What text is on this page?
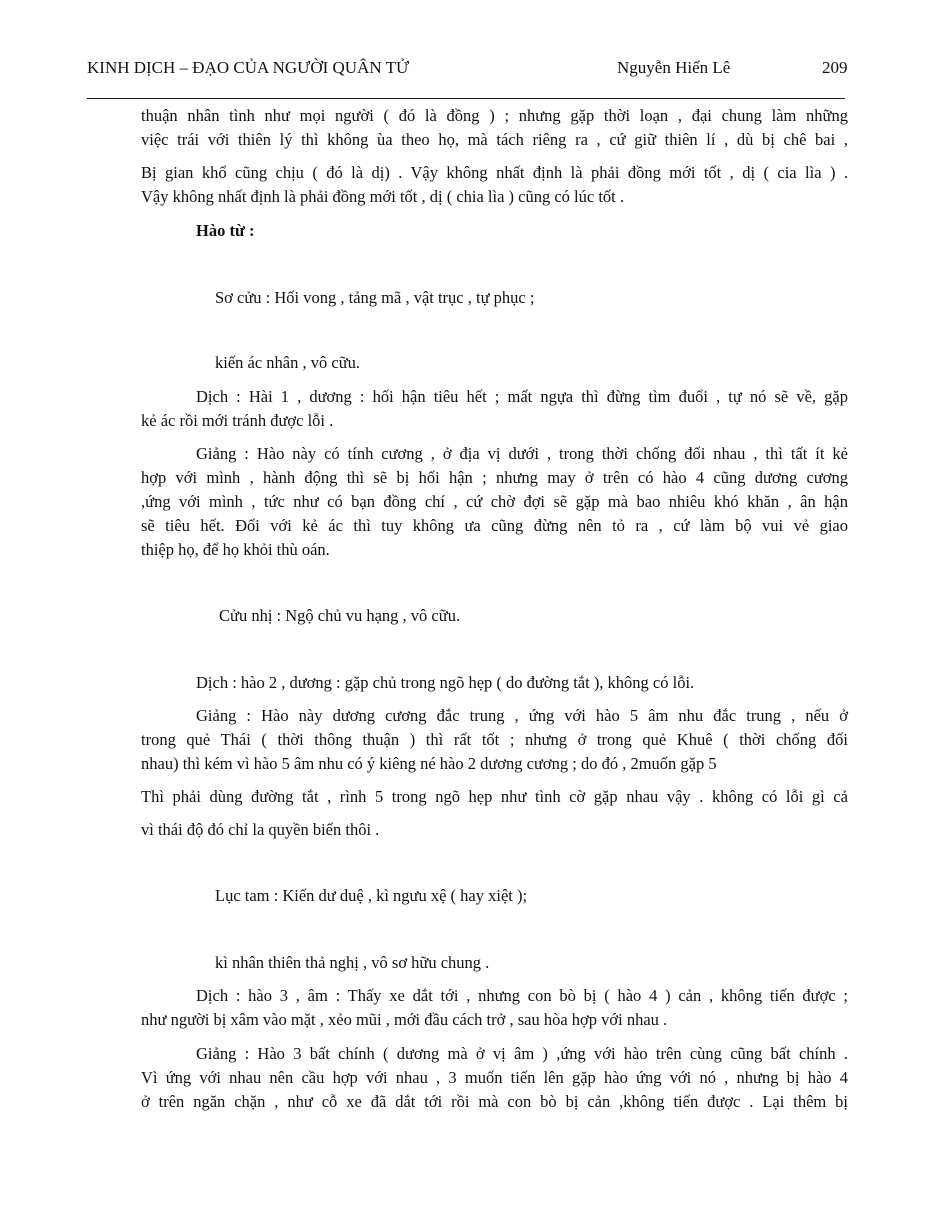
KINH DỊCH – ĐẠO CỦA NGƯỜI QUÂN TỬ	Nguyễn Hiến Lê	209
thuận nhân tình như mọi người ( đó là đồng ) ; nhưng gặp thời loạn , đại chung làm những
việc trái với thiên lý thì không ùa theo họ, mà tách riêng ra , cứ giữ thiên lí , dù bị chê bai ,
Bị gian khổ cũng chịu ( đó là dị) . Vậy không nhất định là phải đồng mới tốt , dị ( cia lìa ) .
Vậy không nhất định là phải đồng mới tốt , dị ( chia lìa ) cũng có lúc tốt .
Hào từ :
Sơ cửu : Hối vong , tảng mã , vật trục , tự phục ;
kiến ác nhân , vô cữu.
Dịch : Hài 1 , dương : hối hận tiêu hết ; mất ngựa thì đừng tìm đuổi , tự nó sẽ về, gặp
kẻ ác rồi mới tránh được lỗi .
Giảng : Hào này có tính cương , ở địa vị dưới , trong thời chống đối nhau , thì tất ít kẻ
hợp với mình , hành động thì sẽ bị hối hận ; nhưng may ở trên có hào 4 cũng dương cương
,ứng với mình , tức như có bạn đồng chí , cứ chờ đợi sẽ gặp mà bao nhiêu khó khăn , ân hận
sẽ tiêu hết. Đối với kẻ ác thì tuy không ưa cũng đừng nên tỏ ra , cứ làm bộ vui vẻ giao
thiệp họ, để họ khỏi thù oán.
Cửu nhị : Ngộ chủ vu hạng , vô cữu.
Dịch : hào 2 , dương : gặp chủ trong ngõ hẹp ( do đường tắt ), không có lỗi.
Giảng : Hào này dương cương đắc trung , ứng với hào 5 âm nhu đắc trung , nếu ở
trong quẻ Thái ( thời thông thuận ) thì rất tốt ; nhưng ở trong quẻ Khuê ( thời chống đối
nhau) thì kém vì hào 5 âm nhu có ý kiêng né hào 2 dương cương ; do đó , 2muốn gặp 5
Thì phải dùng đường tắt , rình 5 trong ngõ hẹp như tình cờ gặp nhau vậy . không có lỗi gì cả
vì thái độ đó chỉ la quyền biến thôi .
Lục tam : Kiến dư duệ , kì ngưu xệ ( hay xiệt );
kì nhân thiên thả nghị , vô sơ hữu chung .
Dịch : hào 3 , âm : Thấy xe dắt tới , nhưng con bò bị ( hào 4 ) cản , không tiến được ;
như người bị xâm vào mặt , xẻo mũi , mới đầu cách trở , sau hòa hợp với nhau .
Giảng : Hào 3 bất chính ( dương mà ở vị âm ) ,ứng với hào trên cùng cũng bất chính .
Vì ứng với nhau nên cầu hợp với nhau , 3 muốn tiến lên gặp hào ứng với nó , nhưng bị hào 4
ở trên ngăn chặn , như cỗ xe đã dắt tới rồi mà con bò bị cản ,không tiến được . Lại thêm bị
